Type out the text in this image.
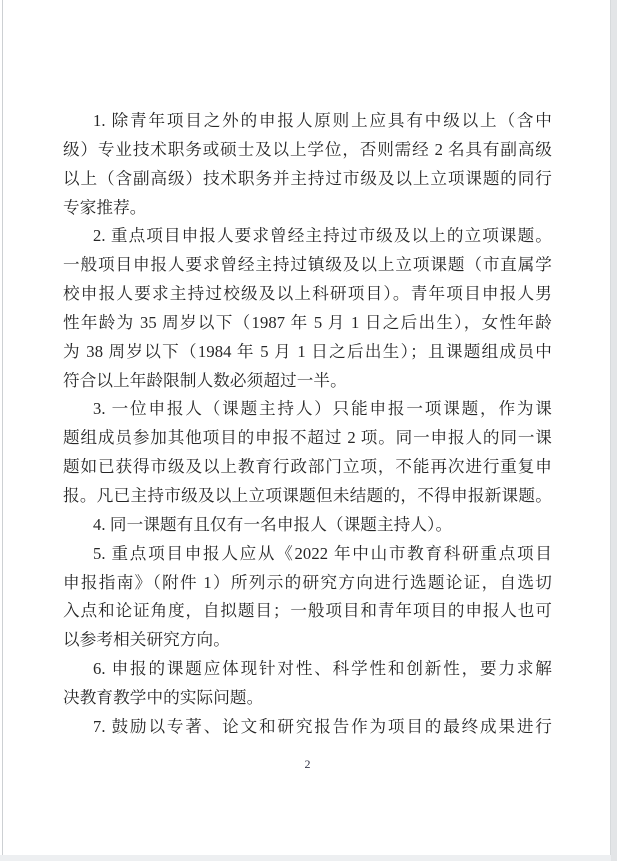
1. 除青年项目之外的申报人原则上应具有中级以上（含中
级）专业技术职务或硕士及以上学位，否则需经 2 名具有副高级
以上（含副高级）技术职务并主持过市级及以上立项课题的同行
专家推荐。
2. 重点项目申报人要求曾经主持过市级及以上的立项课题。
一般项目申报人要求曾经主持过镇级及以上立项课题（市直属学
校申报人要求主持过校级及以上科研项目）。青年项目申报人男
性年龄为 35 周岁以下（1987 年 5 月 1 日之后出生），女性年龄
为 38 周岁以下（1984 年 5 月 1 日之后出生）；且课题组成员中
符合以上年龄限制人数必须超过一半。
3. 一位申报人（课题主持人）只能申报一项课题，作为课
题组成员参加其他项目的申报不超过 2 项。同一申报人的同一课
题如已获得市级及以上教育行政部门立项，不能再次进行重复申
报。凡已主持市级及以上立项课题但未结题的，不得申报新课题。
4. 同一课题有且仅有一名申报人（课题主持人）。
5. 重点项目申报人应从《2022 年中山市教育科研重点项目
申报指南》（附件 1）所列示的研究方向进行选题论证，自选切
入点和论证角度，自拟题目；一般项目和青年项目的申报人也可
以参考相关研究方向。
6. 申报的课题应体现针对性、科学性和创新性，要力求解
决教育教学中的实际问题。
7. 鼓励以专著、论文和研究报告作为项目的最终成果进行
2
